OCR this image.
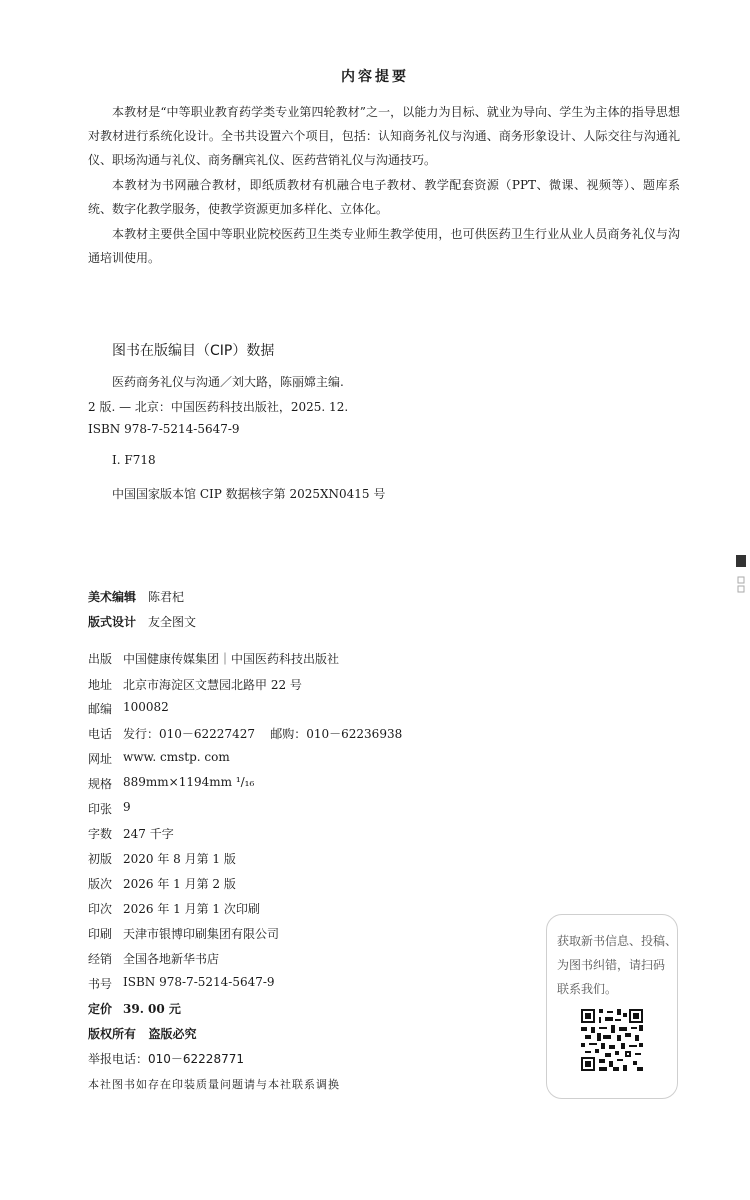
内容提要
本教材是“中等职业教育药学类专业第四轮教材”之一，以能力为目标、就业为导向、学生为主体的指导思想对教材进行系统化设计。全书共设置六个项目，包括：认知商务礼仪与沟通、商务形象设计、人际交往与沟通礼仪、职场沟通与礼仪、商务酬宾礼仪、医药营销礼仪与沟通技巧。
本教材为书网融合教材，即纸质教材有机融合电子教材、教学配套资源（PPT、微课、视频等）、题库系统、数字化教学服务，使教学资源更加多样化、立体化。
本教材主要供全国中等职业院校医药卫生类专业师生教学使用，也可供医药卫生行业从业人员商务礼仪与沟通培训使用。
图书在版编目（CIP）数据
医药商务礼仪与沟通／刘大路，陈丽嫦主编.
2 版. — 北京：中国医药科技出版社，2025. 12.
ISBN 978-7-5214-5647-9
Ⅰ. F718
中国国家版本馆 CIP 数据核字第 2025XN0415 号
美术编辑 陈君杞
版式设计 友全图文
出版 中国健康传媒集团｜中国医药科技出版社
地址 北京市海淀区文慧园北路甲 22 号
邮编 100082
电话 发行：010－62227427    邮购：010－62236938
网址 www. cmstp. com
规格 889mm×1194mm ¹/₁₆
印张 9
字数 247 千字
初版 2020 年 8 月第 1 版
版次 2026 年 1 月第 2 版
印次 2026 年 1 月第 1 次印刷
印刷 天津市银博印刷集团有限公司
经销 全国各地新华书店
书号 ISBN 978-7-5214-5647-9
定价 39. 00 元
版权所有   盗版必究
举报电话：010－62228771
本社图书如存在印装质量问题请与本社联系调换
获取新书信息、投稿、
为图书纠错，请扫码
联系我们。
